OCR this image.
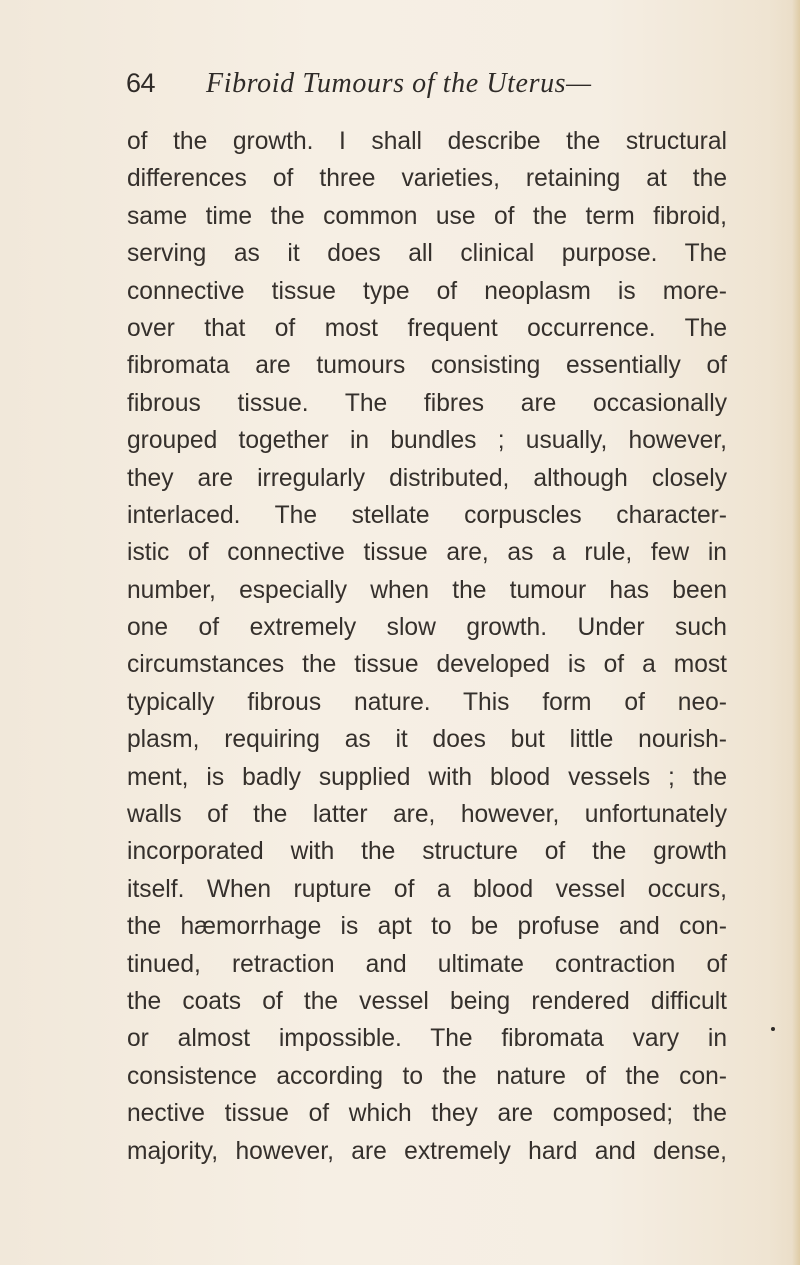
64 Fibroid Tumours of the Uterus—
of the growth. I shall describe the structural
differences of three varieties, retaining at the
same time the common use of the term fibroid,
serving as it does all clinical purpose. The
connective tissue type of neoplasm is more-
over that of most frequent occurrence. The
fibromata are tumours consisting essentially of
fibrous tissue. The fibres are occasionally
grouped together in bundles ; usually, however,
they are irregularly distributed, although closely
interlaced. The stellate corpuscles character-
istic of connective tissue are, as a rule, few in
number, especially when the tumour has been
one of extremely slow growth. Under such
circumstances the tissue developed is of a most
typically fibrous nature. This form of neo-
plasm, requiring as it does but little nourish-
ment, is badly supplied with blood vessels ; the
walls of the latter are, however, unfortunately
incorporated with the structure of the growth
itself. When rupture of a blood vessel occurs,
the hæmorrhage is apt to be profuse and con-
tinued, retraction and ultimate contraction of
the coats of the vessel being rendered difficult
or almost impossible. The fibromata vary in
consistence according to the nature of the con-
nective tissue of which they are composed; the
majority, however, are extremely hard and dense,
